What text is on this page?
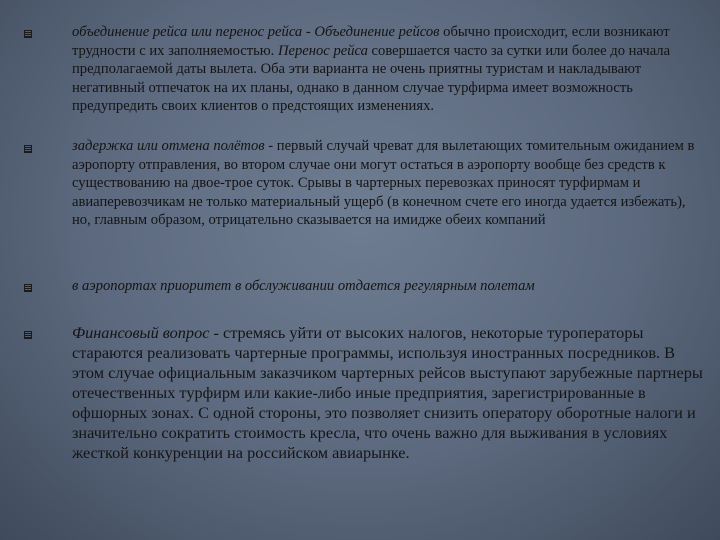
объединение рейса или перенос рейса - Объединение рейсов обычно происходит, если возникают трудности с их заполняемостью. Перенос рейса совершается часто за сутки или более до начала предполагаемой даты вылета. Оба эти варианта не очень приятны туристам и накладывают негативный отпечаток на их планы, однако в данном случае турфирма имеет возможность предупредить своих клиентов о предстоящих изменениях.
задержка или отмена полётов - первый случай чреват для вылетающих томительным ожиданием в аэропорту отправления, во втором случае они могут остаться в аэропорту вообще без средств к существованию на двое-трое суток. Срывы в чартерных перевозках приносят турфирмам и авиаперевозчикам не только материальный ущерб (в конечном счете его иногда удается избежать), но, главным образом, отрицательно сказывается на имидже обеих компаний
в аэропортах приоритет в обслуживании отдается регулярным полетам
Финансовый вопрос - стремясь уйти от высоких налогов, некоторые туроператоры стараются реализовать чартерные программы, используя иностранных посредников. В этом случае официальным заказчиком чартерных рейсов выступают зарубежные партнеры отечественных турфирм или какие-либо иные предприятия, зарегистрированные в офшорных зонах. С одной стороны, это позволяет снизить оператору оборотные налоги и значительно сократить стоимость кресла, что очень важно для выживания в условиях жесткой конкуренции на российском авиарынке.
